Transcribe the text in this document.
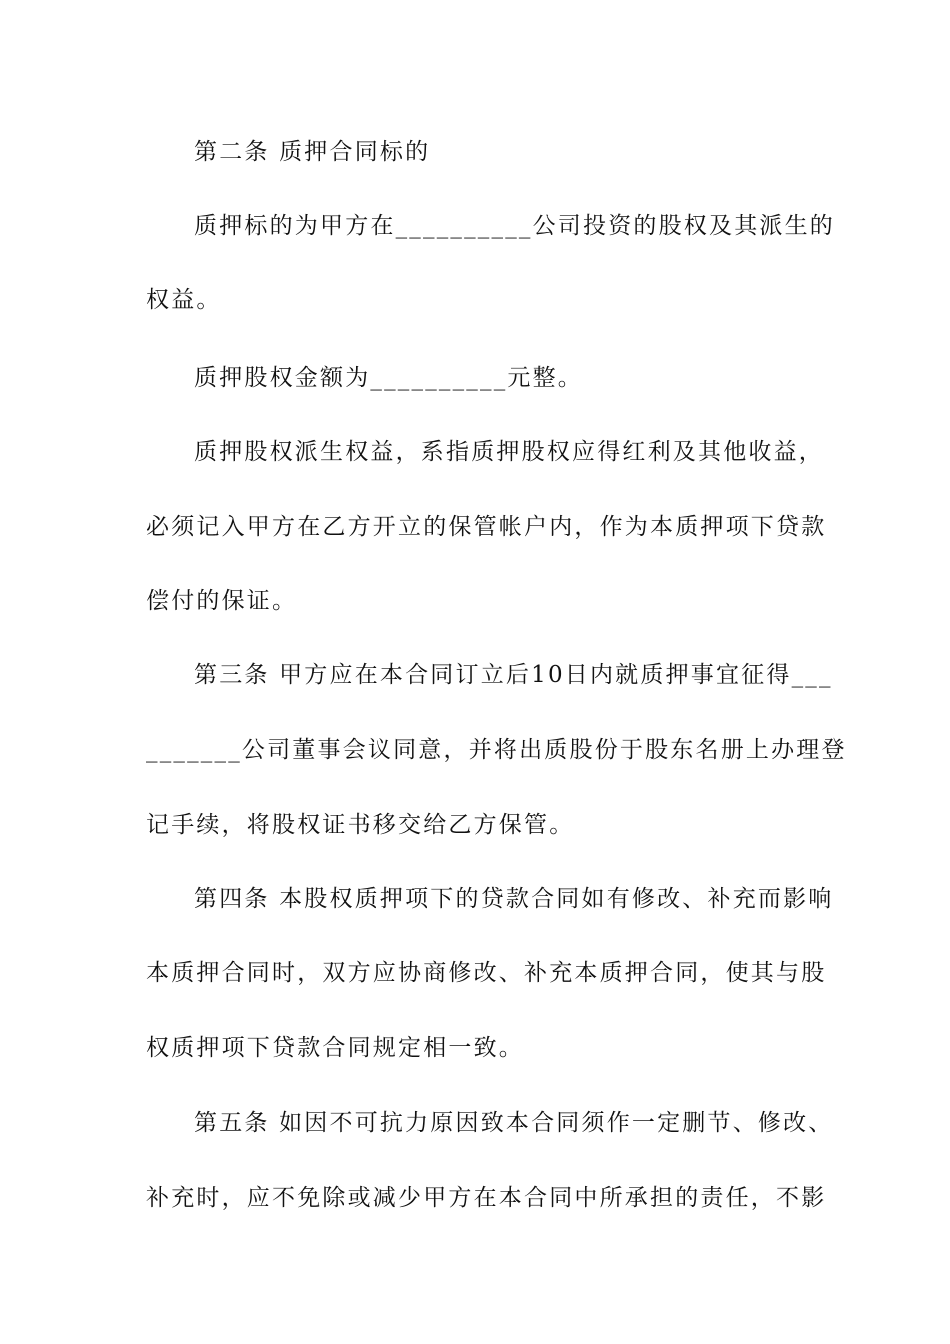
第二条 质押合同标的
质押标的为甲方在__________公司投资的股权及其派生的
权益。
质押股权金额为__________元整。
质押股权派生权益，系指质押股权应得红利及其他收益，
必须记入甲方在乙方开立的保管帐户内，作为本质押项下贷款
偿付的保证。
第三条 甲方应在本合同订立后10日内就质押事宜征得___
_______公司董事会议同意，并将出质股份于股东名册上办理登
记手续，将股权证书移交给乙方保管。
第四条 本股权质押项下的贷款合同如有修改、补充而影响
本质押合同时，双方应协商修改、补充本质押合同，使其与股
权质押项下贷款合同规定相一致。
第五条 如因不可抗力原因致本合同须作一定删节、修改、
补充时，应不免除或减少甲方在本合同中所承担的责任，不影
